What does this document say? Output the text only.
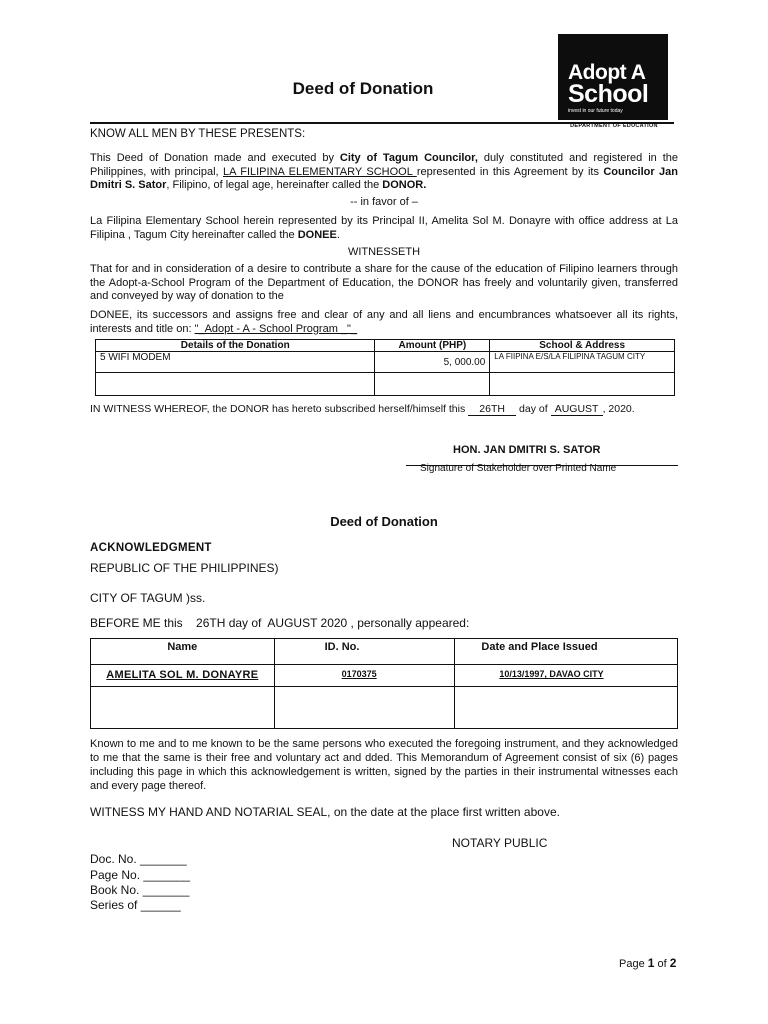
Deed of Donation
Adopt A
School
invest in our future today
DEPARTMENT OF EDUCATION
KNOW ALL MEN BY THESE PRESENTS:
This Deed of Donation made and executed by City of Tagum Councilor, duly constituted and registered in the Philippines, with principal, LA FILIPINA ELEMENTARY SCHOOL represented in this Agreement by its Councilor Jan Dmitri S. Sator, Filipino, of legal age, hereinafter called the DONOR.
-- in favor of –
La Filipina Elementary School herein represented by its Principal II, Amelita Sol M. Donayre with office address at La Filipina , Tagum City hereinafter called the DONEE.
WITNESSETH
That for and in consideration of a desire to contribute a share for the cause of the education of Filipino learners through the Adopt-a-School Program of the Department of Education, the DONOR has freely and voluntarily given, transferred and conveyed by way of donation to the
DONEE, its successors and assigns free and clear of any and all liens and encumbrances whatsoever all its rights, interests and title on: "_Adopt - A - School Program _"_
Details of the Donation	Amount (PHP)	School & Address
5 WIFI MODEM	5, 000.00	LA FIIPINA E/S/LA FILIPINA TAGUM CITY

IN WITNESS WHEREOF, the DONOR has hereto subscribed herself/himself this 26TH day of AUGUST , 2020.
HON. JAN DMITRI S. SATOR
Signature of Stakeholder over Printed Name
Deed of Donation
ACKNOWLEDGMENT
REPUBLIC OF THE PHILIPPINES)
CITY OF TAGUM )ss.
BEFORE ME this    26TH day of  AUGUST 2020 , personally appeared:
Name	ID. No.	Date and Place Issued
AMELITA SOL M. DONAYRE	0170375	10/13/1997, DAVAO CITY

Known to me and to me known to be the same persons who executed the foregoing instrument, and they acknowledged to me that the same is their free and voluntary act and dded. This Memorandum of Agreement consist of six (6) pages including this page in which this acknowledgement is written, signed by the parties in their instrumental witnesses each and every page thereof.
WITNESS MY HAND AND NOTARIAL SEAL, on the date at the place first written above.
NOTARY PUBLIC
Doc. No. _______
Page No. _______
Book No. _______
Series of ______
Page 1 of 2
